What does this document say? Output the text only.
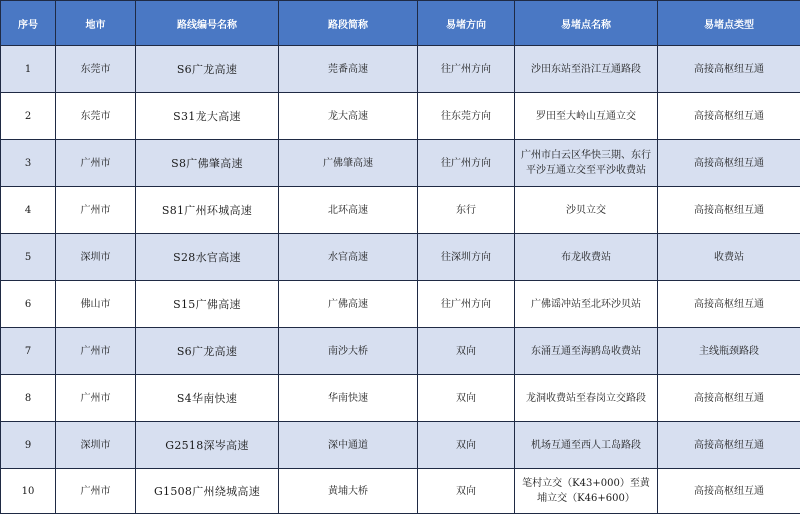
序号	地市	路线编号名称	路段简称	易堵方向	易堵点名称	易堵点类型
1	东莞市	S6广龙高速	莞番高速	往广州方向	沙田东站至沿江互通路段	高接高枢纽互通
2	东莞市	S31龙大高速	龙大高速	往东莞方向	罗田至大岭山互通立交	高接高枢纽互通
3	广州市	S8广佛肇高速	广佛肇高速	往广州方向	广州市白云区华快三期、东行平沙互通立交至平沙收费站	高接高枢纽互通
4	广州市	S81广州环城高速	北环高速	东行	沙贝立交	高接高枢纽互通
5	深圳市	S28水官高速	水官高速	往深圳方向	布龙收费站	收费站
6	佛山市	S15广佛高速	广佛高速	往广州方向	广佛谣冲站至北环沙贝站	高接高枢纽互通
7	广州市	S6广龙高速	南沙大桥	双向	东涌互通至海鸥岛收费站	主线瓶颈路段
8	广州市	S4华南快速	华南快速	双向	龙洞收费站至春岗立交路段	高接高枢纽互通
9	深圳市	G2518深岑高速	深中通道	双向	机场互通至西人工岛路段	高接高枢纽互通
10	广州市	G1508广州绕城高速	黄埔大桥	双向	笔村立交（K43+000）至黄埔立交（K46+600）	高接高枢纽互通
